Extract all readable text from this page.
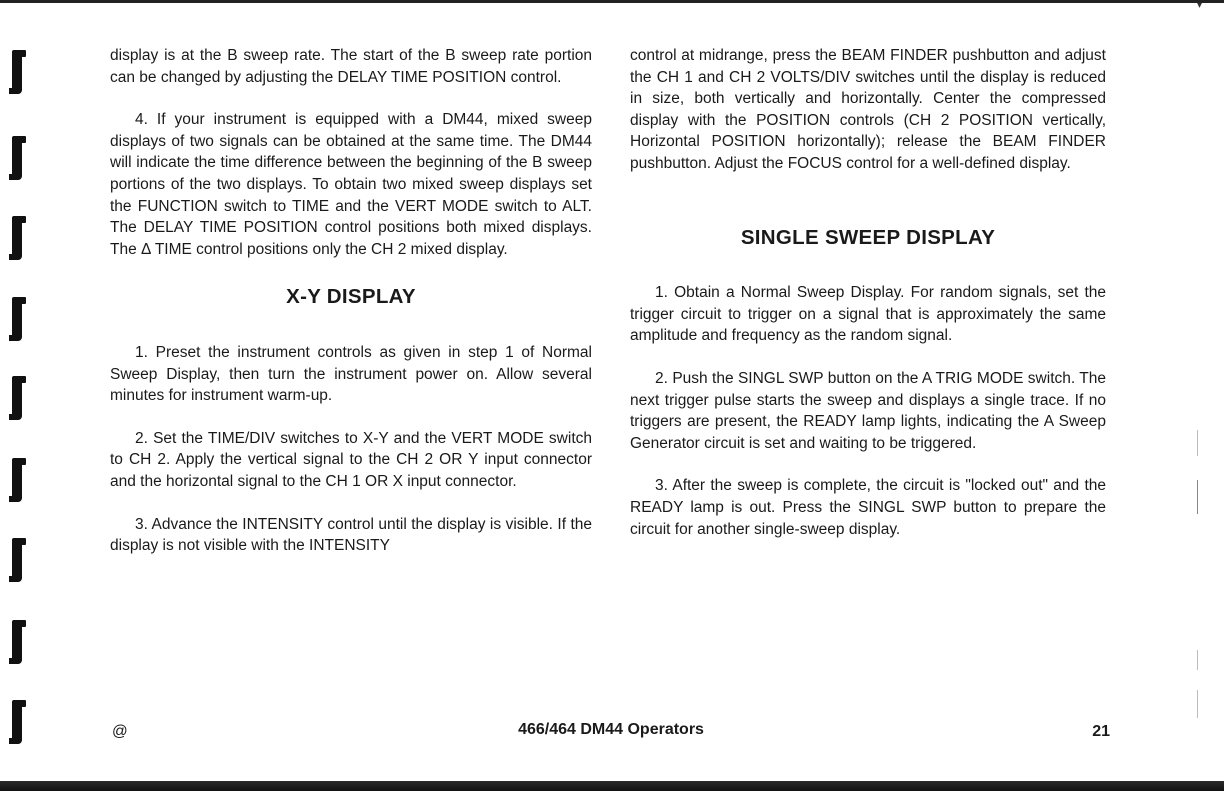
▾

display is at the B sweep rate. The start of the B sweep rate portion can be changed by adjusting the DELAY TIME POSITION control.

4. If your instrument is equipped with a DM44, mixed sweep displays of two signals can be obtained at the same time. The DM44 will indicate the time difference between the beginning of the B sweep portions of the two displays. To obtain two mixed sweep displays set the FUNCTION switch to TIME and the VERT MODE switch to ALT. The DELAY TIME POSITION control positions both mixed displays. The Δ TIME control positions only the CH 2 mixed display.

X-Y DISPLAY

1. Preset the instrument controls as given in step 1 of Normal Sweep Display, then turn the instrument power on. Allow several minutes for instrument warm-up.

2. Set the TIME/DIV switches to X-Y and the VERT MODE switch to CH 2. Apply the vertical signal to the CH 2 OR Y input connector and the horizontal signal to the CH 1 OR X input connector.

3. Advance the INTENSITY control until the display is visible. If the display is not visible with the INTENSITY

control at midrange, press the BEAM FINDER pushbutton and adjust the CH 1 and CH 2 VOLTS/DIV switches until the display is reduced in size, both vertically and horizontally. Center the compressed display with the POSITION controls (CH 2 POSITION vertically, Horizontal POSITION horizontally); release the BEAM FINDER pushbutton. Adjust the FOCUS control for a well-defined display.

SINGLE SWEEP DISPLAY

1. Obtain a Normal Sweep Display. For random signals, set the trigger circuit to trigger on a signal that is approximately the same amplitude and frequency as the random signal.

2. Push the SINGL SWP button on the A TRIG MODE switch. The next trigger pulse starts the sweep and displays a single trace. If no triggers are present, the READY lamp lights, indicating the A Sweep Generator circuit is set and waiting to be triggered.

3. After the sweep is complete, the circuit is "locked out" and the READY lamp is out. Press the SINGL SWP button to prepare the circuit for another single-sweep display.

@	466/464 DM44 Operators	21
